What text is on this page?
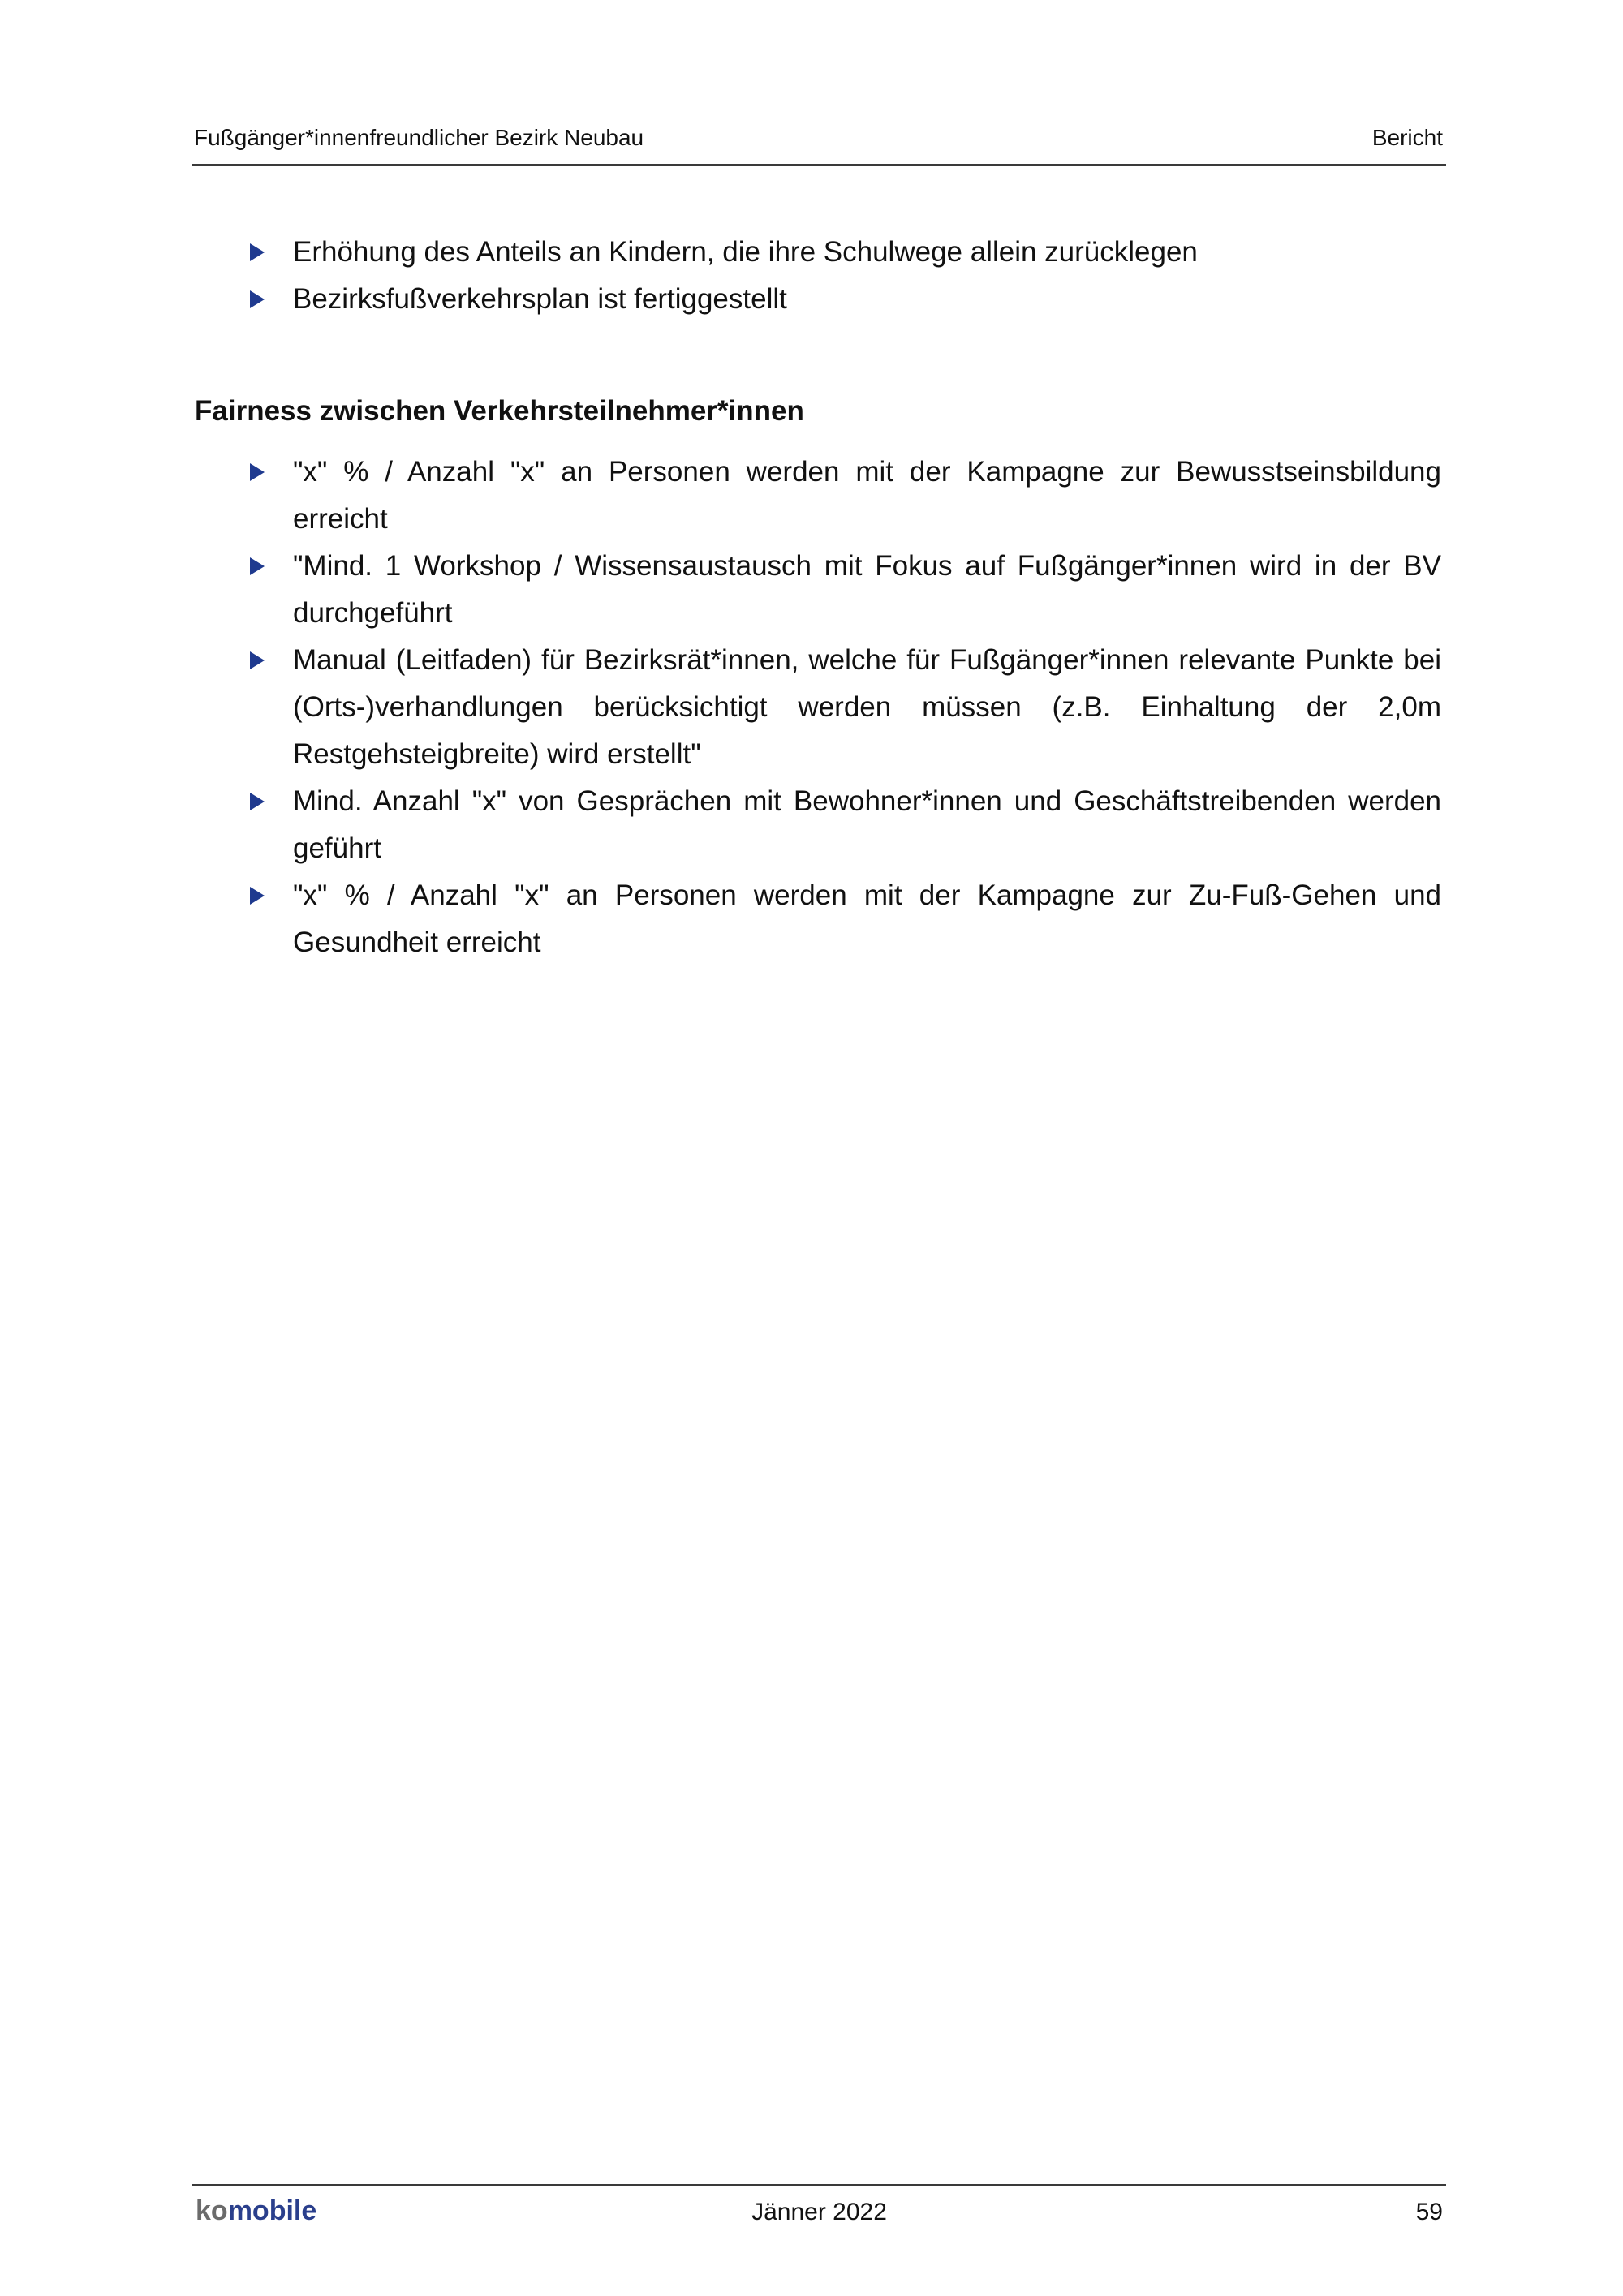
Fußgänger*innenfreundlicher Bezirk Neubau	Bericht
Erhöhung des Anteils an Kindern, die ihre Schulwege allein zurücklegen
Bezirksfußverkehrsplan ist fertiggestellt
Fairness zwischen Verkehrsteilnehmer*innen
"x" % / Anzahl "x" an Personen werden mit der Kampagne zur Bewusstseinsbildung erreicht
"Mind. 1 Workshop / Wissensaustausch mit Fokus auf Fußgänger*innen wird in der BV durchgeführt
Manual (Leitfaden) für Bezirksrät*innen, welche für Fußgänger*innen relevante Punkte bei (Orts-)verhandlungen berücksichtigt werden müssen (z.B. Einhaltung der 2,0m Restgehsteigbreite) wird erstellt"
Mind. Anzahl "x" von Gesprächen mit Bewohner*innen und Geschäftstreibenden werden geführt
"x" % / Anzahl "x" an Personen werden mit der Kampagne zur Zu-Fuß-Gehen und Gesundheit erreicht
komobile	Jänner 2022	59
